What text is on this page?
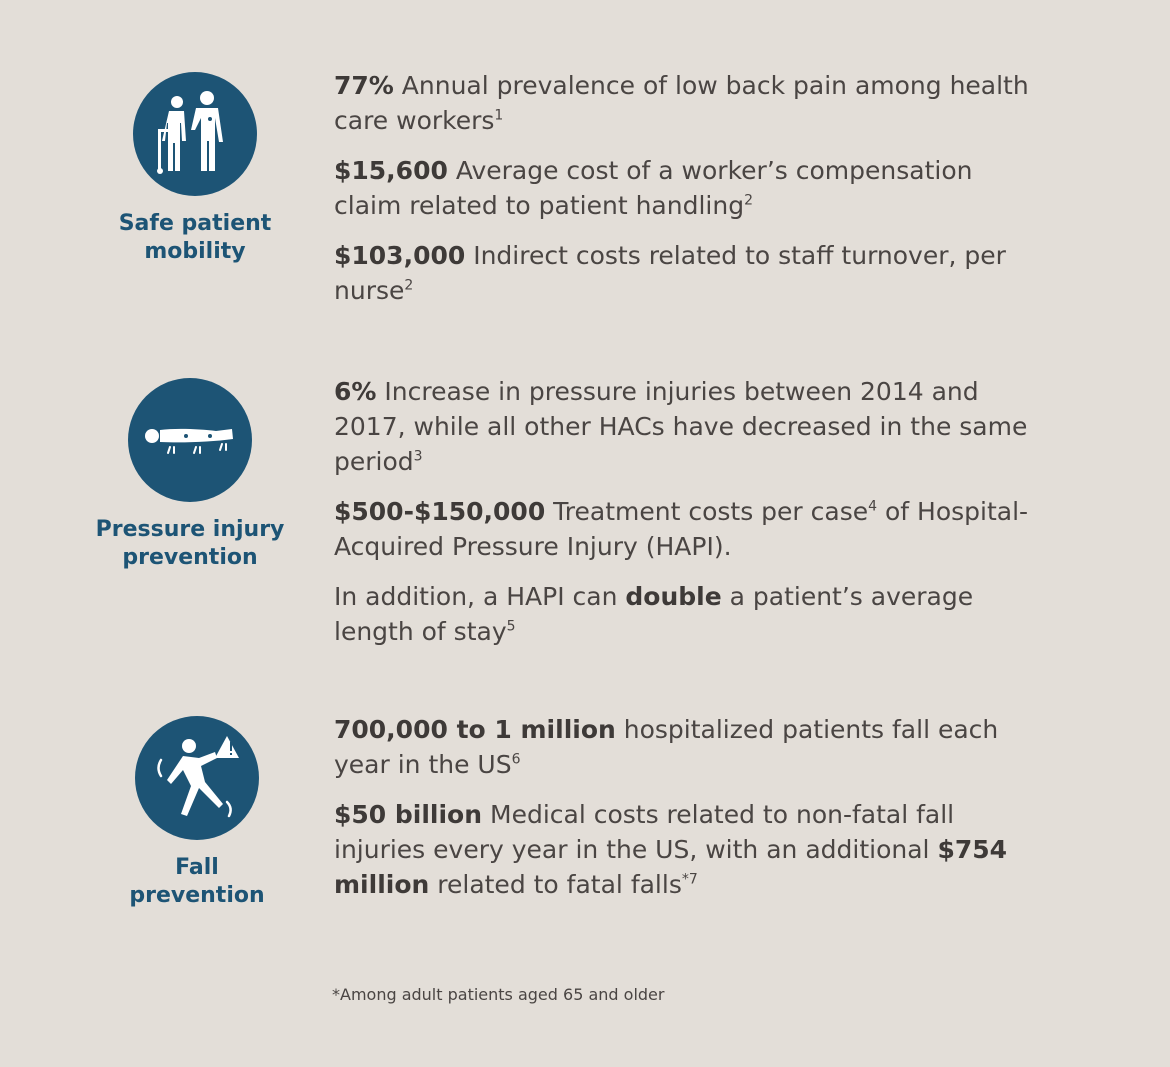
Safe patient
mobility

77% Annual prevalence of low back pain among health care workers$^1$

$15,600 Average cost of a worker’s compensation claim related to patient handling$^2$

$103,000 Indirect costs related to staff turnover, per nurse$^2$

Pressure injury
prevention

6% Increase in pressure injuries between 2014 and 2017, while all other HACs have decreased in the same period$^3$

$500-$150,000 Treatment costs per case$^4$ of Hospital-Acquired Pressure Injury (HAPI).

In addition, a HAPI can double a patient’s average length of stay$^5$

Fall
prevention

700,000 to 1 million hospitalized patients fall each year in the $US^6$

$50 billion Medical costs related to non-fatal fall injuries every year in the US, with an additional $754 million related to fatal falls$^{*7}$

*Among adult patients aged 65 and older
